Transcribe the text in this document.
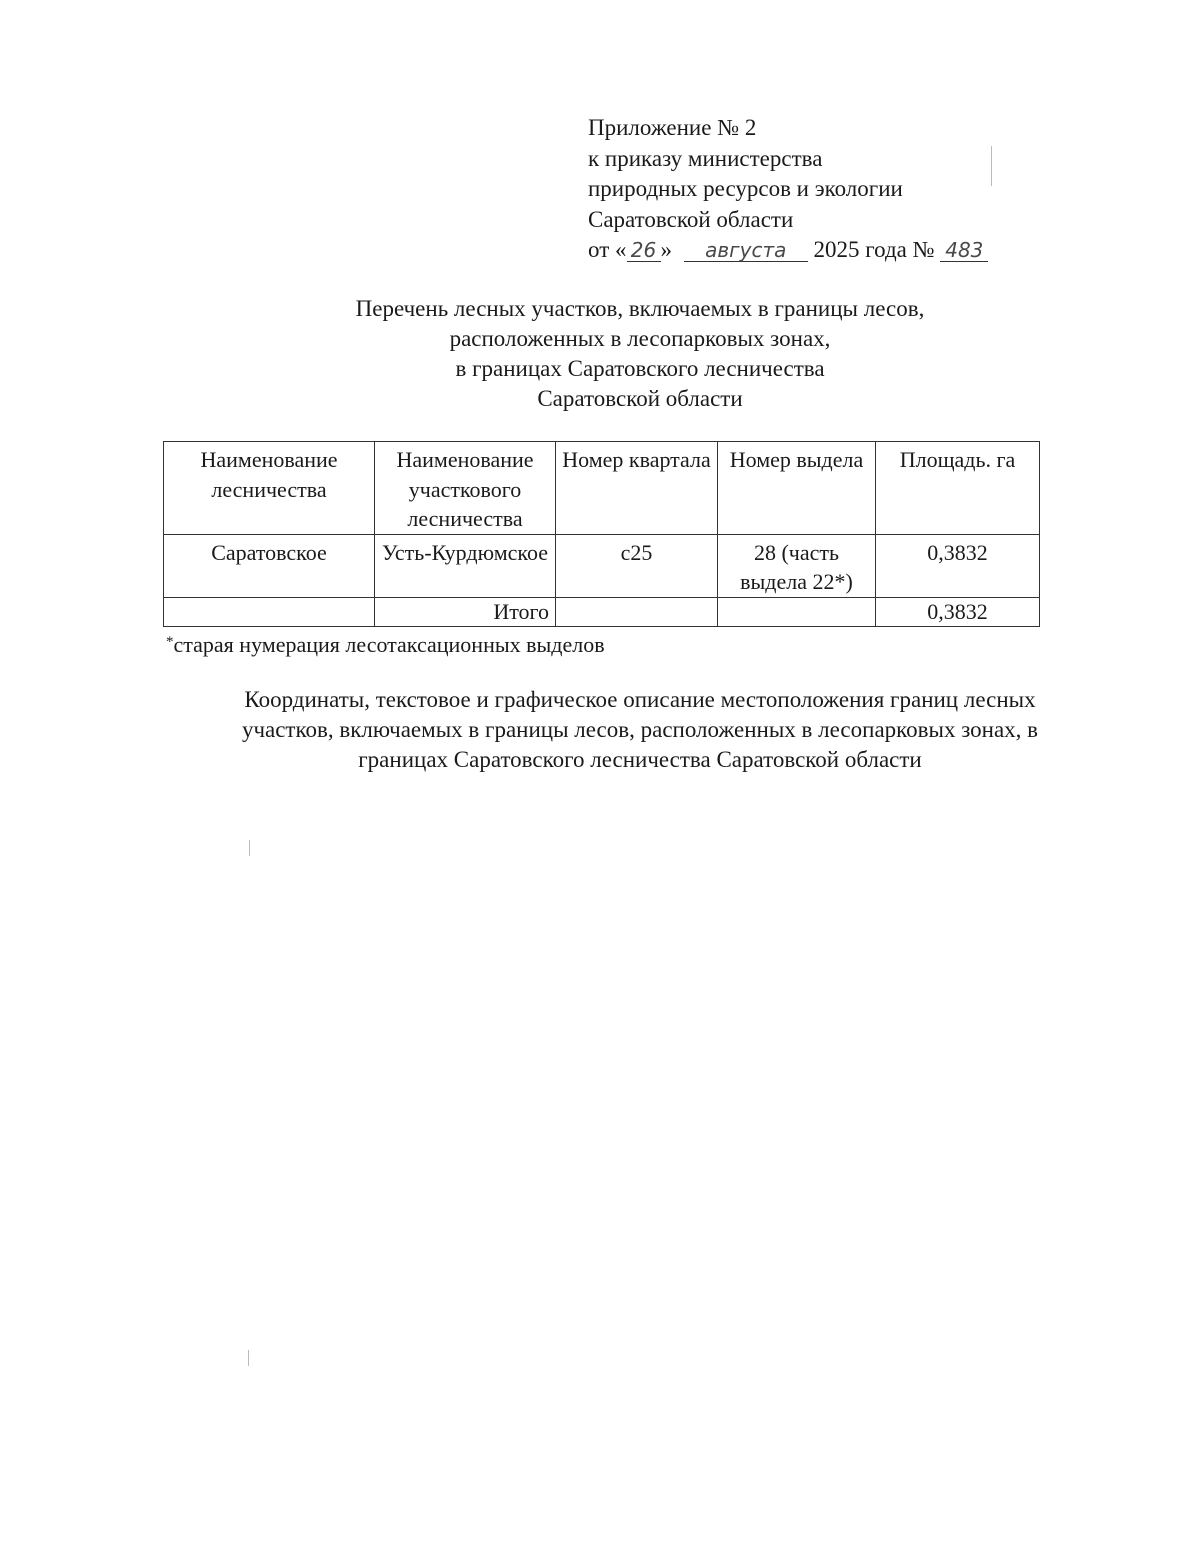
Приложение № 2
к приказу министерства
природных ресурсов и экологии
Саратовской области
от « 26 » августа 2025 года № 483
Перечень лесных участков, включаемых в границы лесов,
расположенных в лесопарковых зонах,
в границах Саратовского лесничества
Саратовской области
Наименование лесничества	Наименование участкового лесничества	Номер квартала	Номер выдела	Площадь. га
Саратовское	Усть-Курдюмское	с25	28 (часть выдела 22*)	0,3832
	Итого			0,3832
*старая нумерация лесотаксационных выделов
Координаты, текстовое и графическое описание местоположения границ лесных
участков, включаемых в границы лесов, расположенных в лесопарковых зонах, в
границах Саратовского лесничества Саратовской области
